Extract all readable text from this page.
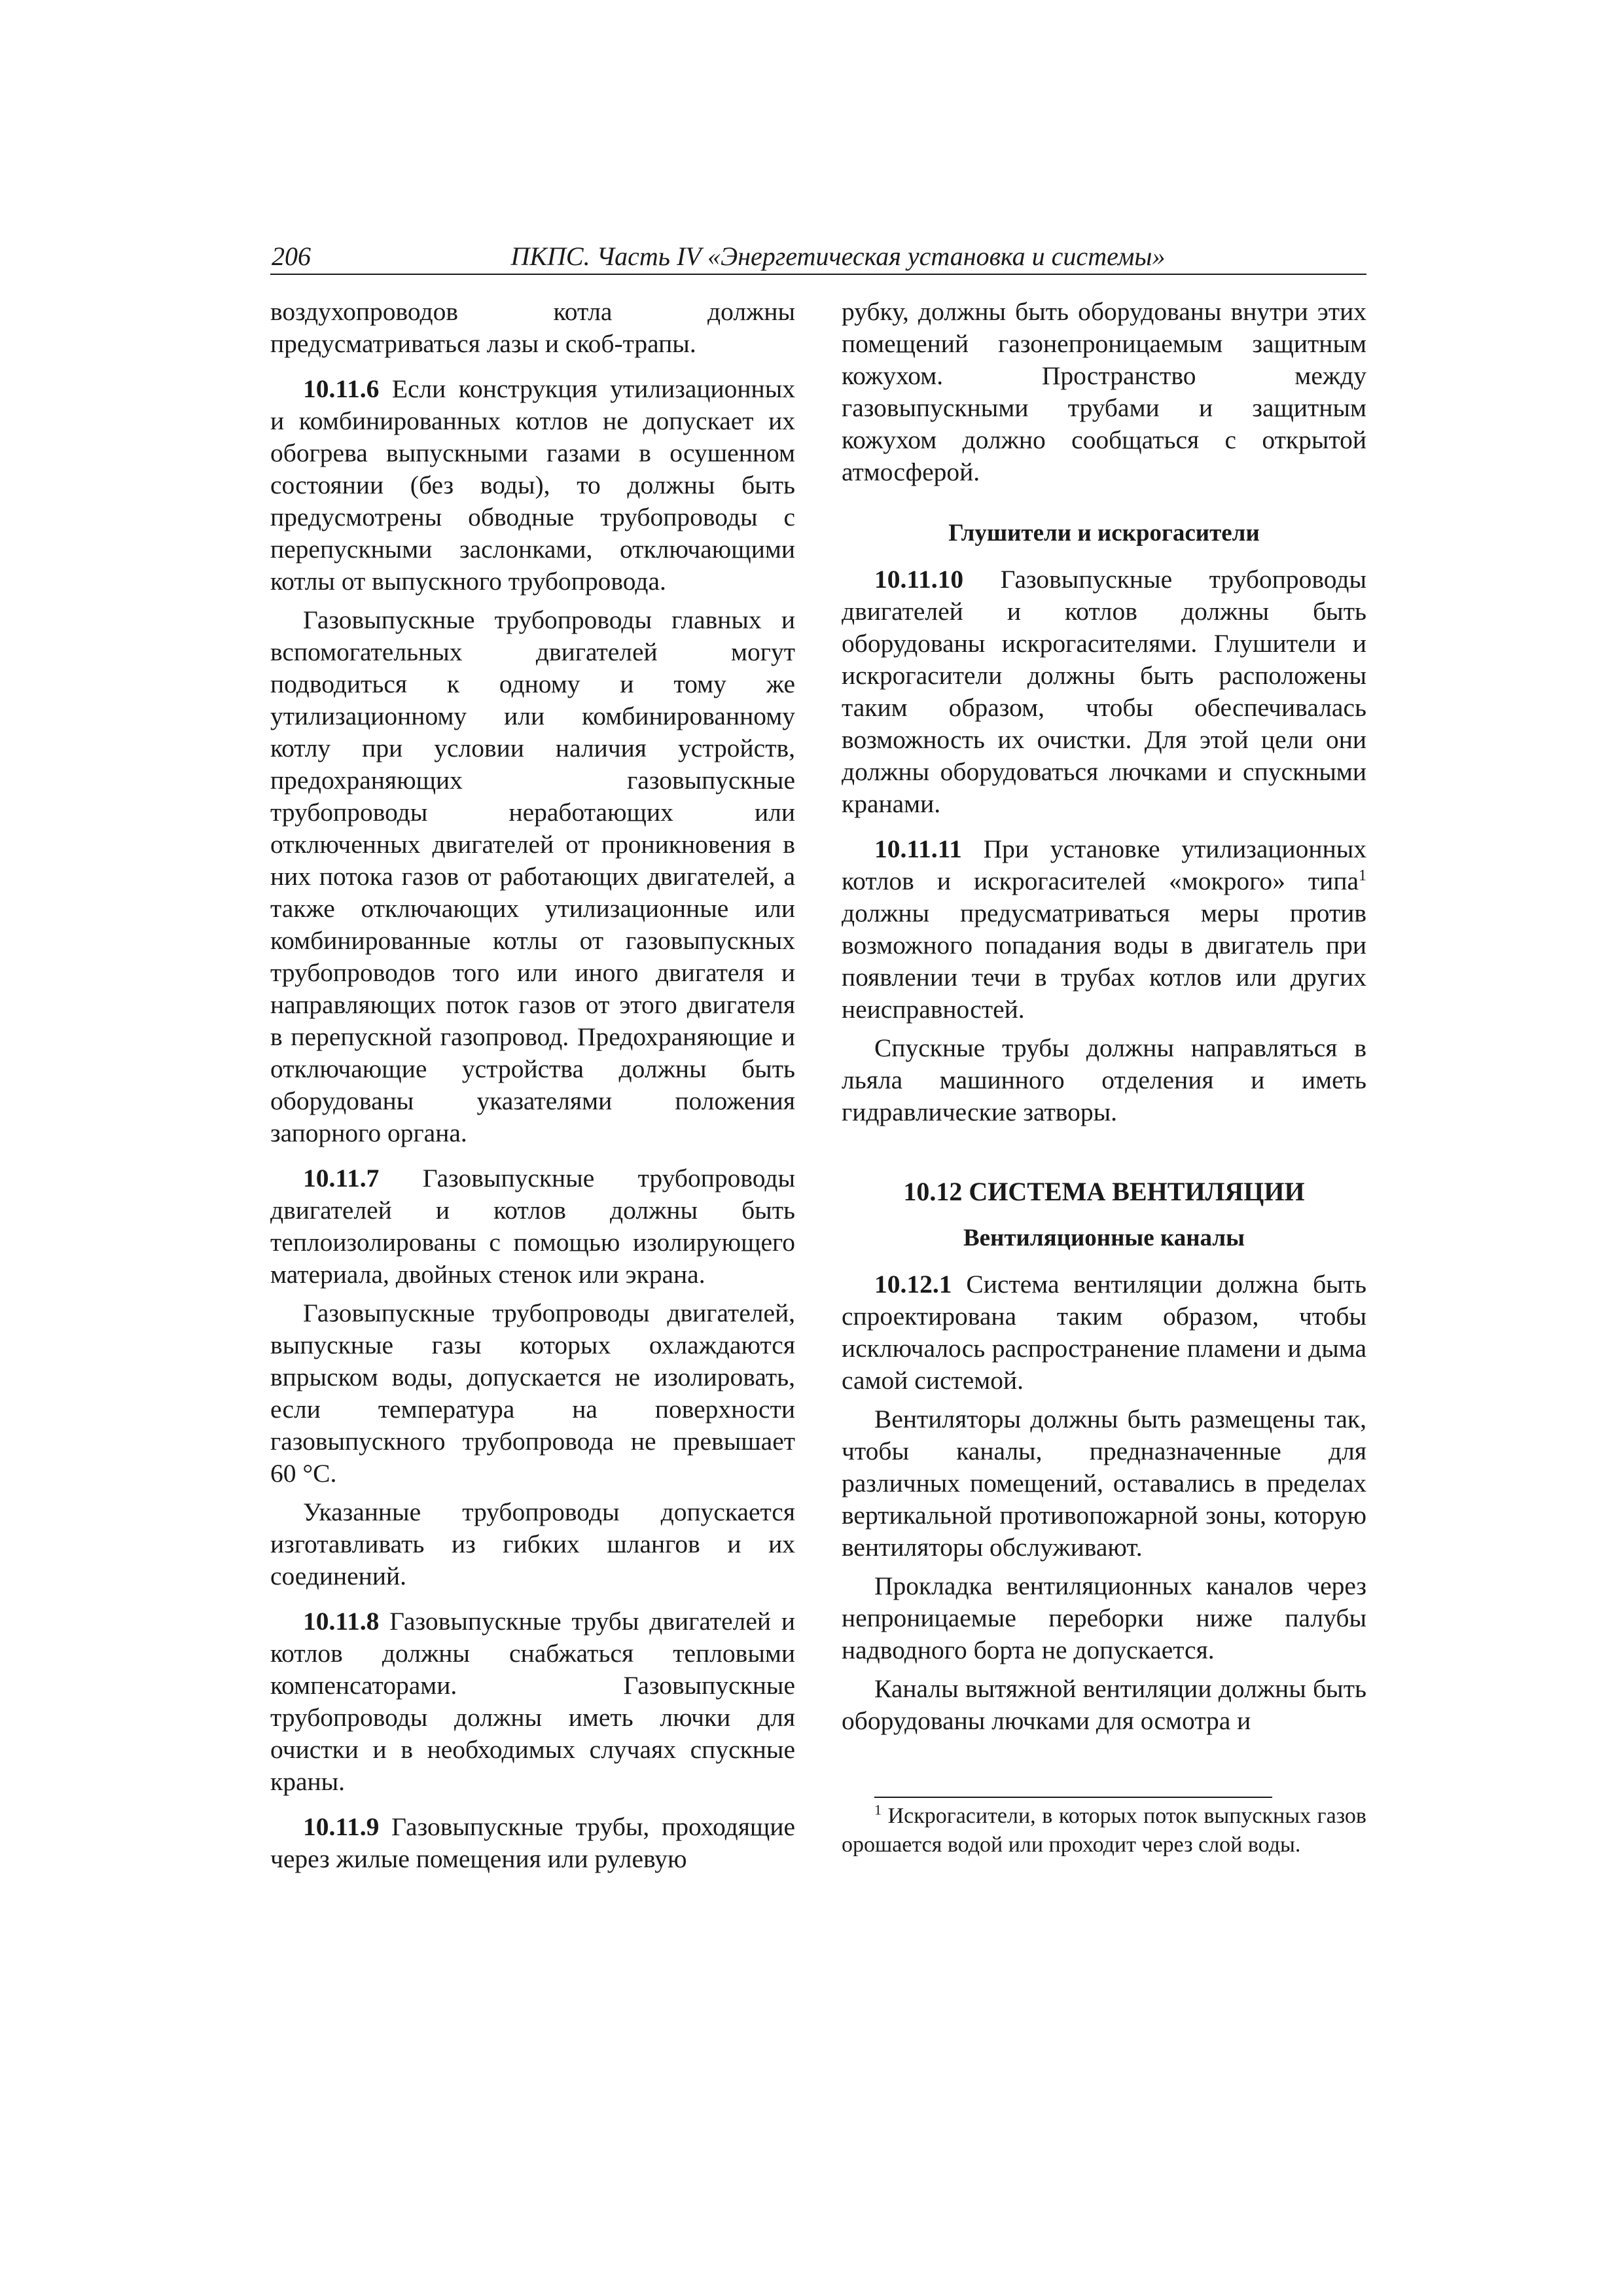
206	ПКПС. Часть IV «Энергетическая установка и системы»

воздухопроводов котла должны предусматриваться лазы и скоб-трапы.

10.11.6 Если конструкция утилизационных и комбинированных котлов не допускает их обогрева выпускными газами в осушенном состоянии (без воды), то должны быть предусмотрены обводные трубопроводы с перепускными заслонками, отключающими котлы от выпускного трубопровода.

Газовыпускные трубопроводы главных и вспомогательных двигателей могут подводиться к одному и тому же утилизационному или комбинированному котлу при условии наличия устройств, предохраняющих газовыпускные трубопроводы неработающих или отключенных двигателей от проникновения в них потока газов от работающих двигателей, а также отключающих утилизационные или комбинированные котлы от газовыпускных трубопроводов того или иного двигателя и направляющих поток газов от этого двигателя в перепускной газопровод. Предохраняющие и отключающие устройства должны быть оборудованы указателями положения запорного органа.

10.11.7 Газовыпускные трубопроводы двигателей и котлов должны быть теплоизолированы с помощью изолирующего материала, двойных стенок или экрана.

Газовыпускные трубопроводы двигателей, выпускные газы которых охлаждаются впрыском воды, допускается не изолировать, если температура на поверхности газовыпускного трубопровода не превышает 60 °С.

Указанные трубопроводы допускается изготавливать из гибких шлангов и их соединений.

10.11.8 Газовыпускные трубы двигателей и котлов должны снабжаться тепловыми компенсаторами. Газовыпускные трубопроводы должны иметь лючки для очистки и в необходимых случаях спускные краны.

10.11.9 Газовыпускные трубы, проходящие через жилые помещения или рулевую

рубку, должны быть оборудованы внутри этих помещений газонепроницаемым защитным кожухом. Пространство между газовыпускными трубами и защитным кожухом должно сообщаться с открытой атмосферой.

Глушители и искрогасители

10.11.10 Газовыпускные трубопроводы двигателей и котлов должны быть оборудованы искрогасителями. Глушители и искрогасители должны быть расположены таким образом, чтобы обеспечивалась возможность их очистки. Для этой цели они должны оборудоваться лючками и спускными кранами.

10.11.11 При установке утилизационных котлов и искрогасителей «мокрого» типа$^1$ должны предусматриваться меры против возможного попадания воды в двигатель при появлении течи в трубах котлов или других неисправностей.

Спускные трубы должны направляться в льяла машинного отделения и иметь гидравлические затворы.

10.12 СИСТЕМА ВЕНТИЛЯЦИИ

Вентиляционные каналы

10.12.1 Система вентиляции должна быть спроектирована таким образом, чтобы исключалось распространение пламени и дыма самой системой.

Вентиляторы должны быть размещены так, чтобы каналы, предназначенные для различных помещений, оставались в пределах вертикальной противопожарной зоны, которую вентиляторы обслуживают.

Прокладка вентиляционных каналов через непроницаемые переборки ниже палубы надводного борта не допускается.

Каналы вытяжной вентиляции должны быть оборудованы лючками для осмотра и

$^1$ Искрогасители, в которых поток выпускных газов орошается водой или проходит через слой воды.
